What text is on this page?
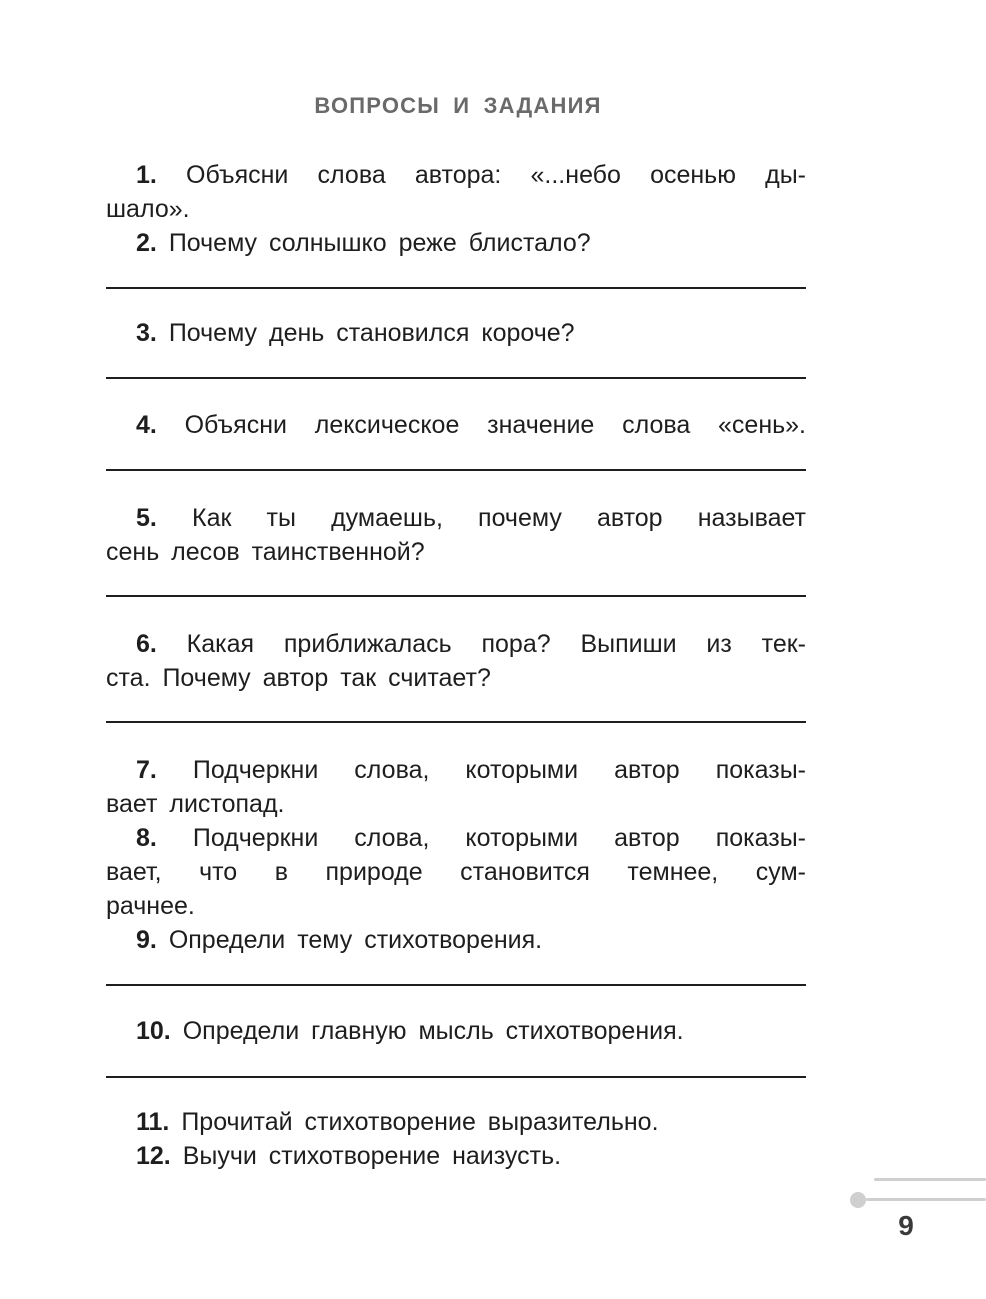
ВОПРОСЫ И ЗАДАНИЯ
1. Объясни слова автора: «...небо осенью ды-
шало».
2. Почему солнышко реже блистало?
3. Почему день становился короче?
4. Объясни лексическое значение слова «сень».
5. Как ты думаешь, почему автор называет
сень лесов таинственной?
6. Какая приближалась пора? Выпиши из тек-
ста. Почему автор так считает?
7. Подчеркни слова, которыми автор показы-
вает листопад.
8. Подчеркни слова, которыми автор показы-
вает, что в природе становится темнее, сум-
рачнее.
9. Определи тему стихотворения.
10. Определи главную мысль стихотворения.
11. Прочитай стихотворение выразительно.
12. Выучи стихотворение наизусть.
9
